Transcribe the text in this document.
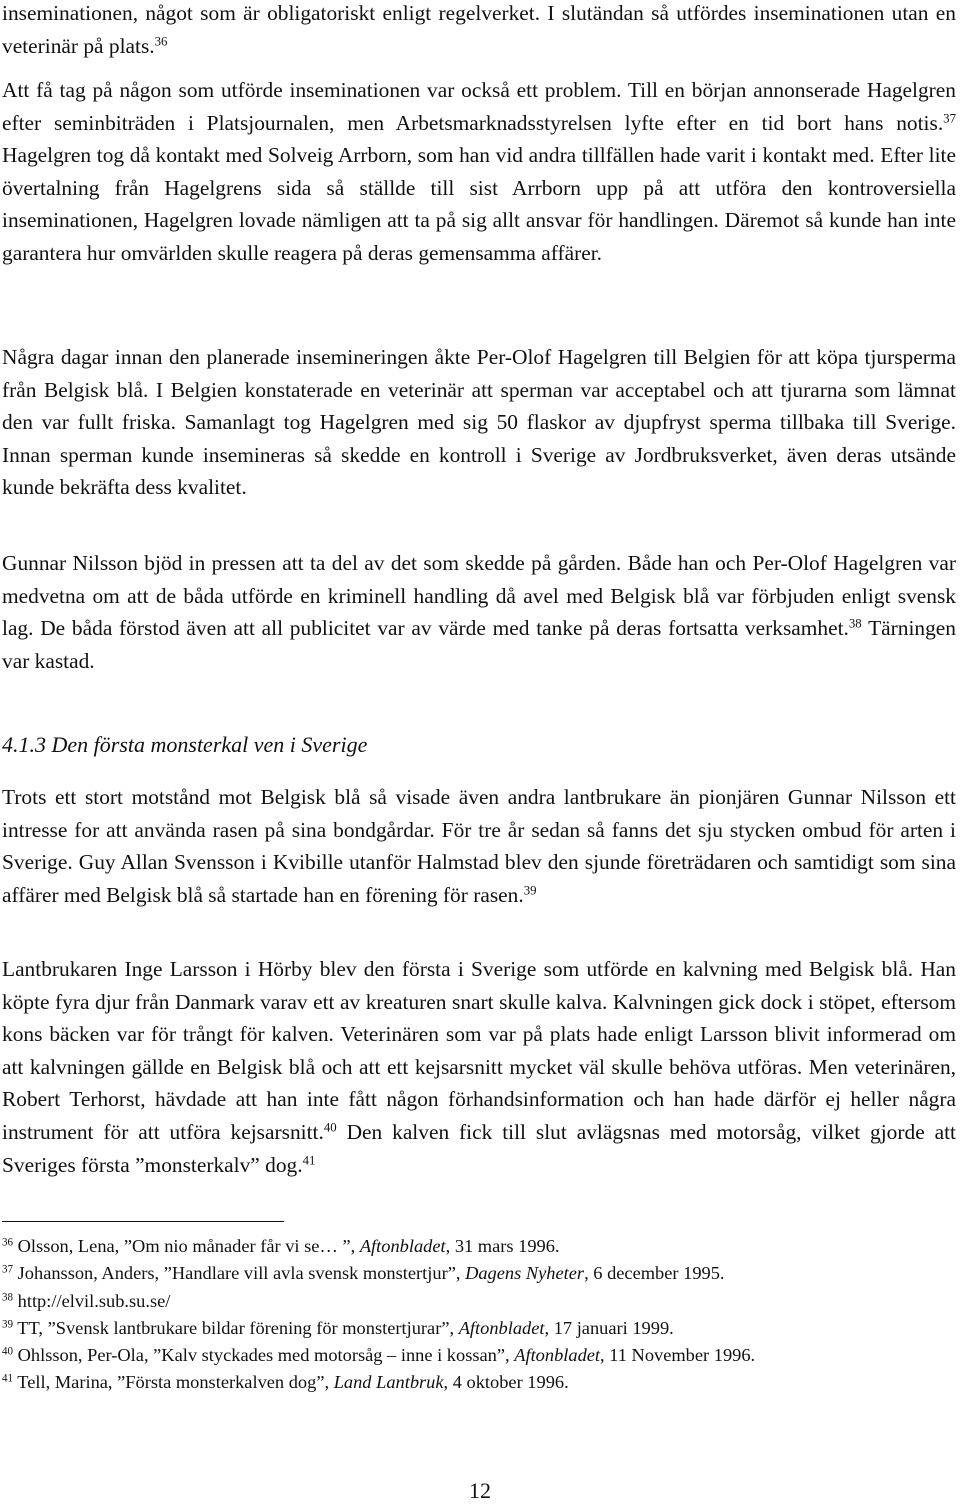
inseminationen, något som är obligatoriskt enligt regelverket. I slutändan så utfördes inseminationen utan en veterinär på plats.$^{36}$

Att få tag på någon som utförde inseminationen var också ett problem. Till en början annonserade Hagelgren efter seminbiträden i Platsjournalen, men Arbetsmarknadsstyrelsen lyfte efter en tid bort hans notis.$^{37}$ Hagelgren tog då kontakt med Solveig Arrborn, som han vid andra tillfällen hade varit i kontakt med. Efter lite övertalning från Hagelgrens sida så ställde till sist Arrborn upp på att utföra den kontroversiella inseminationen, Hagelgren lovade nämligen att ta på sig allt ansvar för handlingen. Däremot så kunde han inte garantera hur omvärlden skulle reagera på deras gemensamma affärer.

Några dagar innan den planerade insemineringen åkte Per-Olof Hagelgren till Belgien för att köpa tjursperma från Belgisk blå. I Belgien konstaterade en veterinär att sperman var acceptabel och att tjurarna som lämnat den var fullt friska. Samanlagt tog Hagelgren med sig 50 flaskor av djupfryst sperma tillbaka till Sverige. Innan sperman kunde insemineras så skedde en kontroll i Sverige av Jordbruksverket, även deras utsände kunde bekräfta dess kvalitet.

Gunnar Nilsson bjöd in pressen att ta del av det som skedde på gården. Både han och Per-Olof Hagelgren var medvetna om att de båda utförde en kriminell handling då avel med Belgisk blå var förbjuden enligt svensk lag. De båda förstod även att all publicitet var av värde med tanke på deras fortsatta verksamhet.$^{38}$ Tärningen var kastad.

4.1.3 Den första monsterkal ven i Sverige

Trots ett stort motstånd mot Belgisk blå så visade även andra lantbrukare än pionjären Gunnar Nilsson ett intresse for att använda rasen på sina bondgårdar. För tre år sedan så fanns det sju stycken ombud för arten i Sverige. Guy Allan Svensson i Kvibille utanför Halmstad blev den sjunde företrädaren och samtidigt som sina affärer med Belgisk blå så startade han en förening för rasen.$^{39}$

Lantbrukaren Inge Larsson i Hörby blev den första i Sverige som utförde en kalvning med Belgisk blå. Han köpte fyra djur från Danmark varav ett av kreaturen snart skulle kalva. Kalvningen gick dock i stöpet, eftersom kons bäcken var för trångt för kalven. Veterinären som var på plats hade enligt Larsson blivit informerad om att kalvningen gällde en Belgisk blå och att ett kejsarsnitt mycket väl skulle behöva utföras. Men veterinären, Robert Terhorst, hävdade att han inte fått någon förhandsinformation och han hade därför ej heller några instrument för att utföra kejsarsnitt.$^{40}$ Den kalven fick till slut avlägsnas med motorsåg, vilket gjorde att Sveriges första ”monsterkalv” dog.$^{41}$

$^{36}$ Olsson, Lena, ”Om nio månader får vi se… ”, Aftonbladet, 31 mars 1996.
$^{37}$ Johansson, Anders, ”Handlare vill avla svensk monstertjur”, Dagens Nyheter, 6 december 1995.
$^{38}$ http://elvil.sub.su.se/
$^{39}$ TT, ”Svensk lantbrukare bildar förening för monstertjurar”, Aftonbladet, 17 januari 1999.
$^{40}$ Ohlsson, Per-Ola, ”Kalv styckades med motorsåg – inne i kossan”, Aftonbladet, 11 November 1996.
$^{41}$ Tell, Marina, ”Första monsterkalven dog”, Land Lantbruk, 4 oktober 1996.
12
